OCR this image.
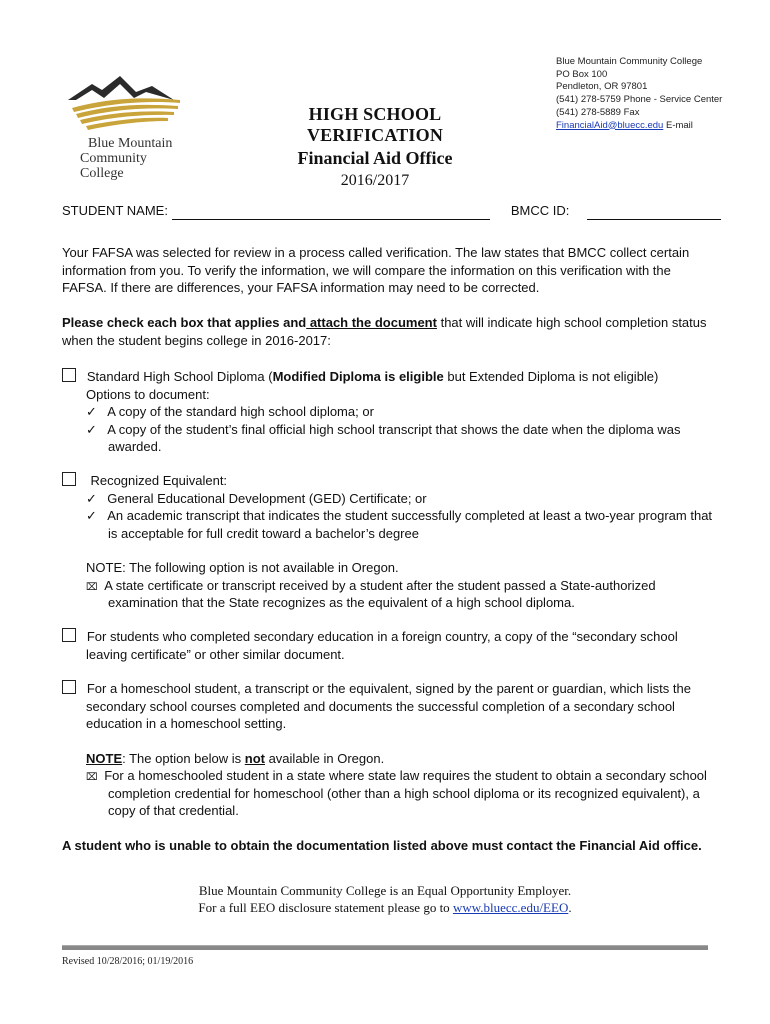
Blue Mountain
Community College
Blue Mountain Community College
PO Box 100
Pendleton, OR 97801
(541) 278-5759 Phone - Service Center
(541) 278-5889 Fax
FinancialAid@bluecc.edu E-mail
HIGH SCHOOL VERIFICATION
Financial Aid Office
2016/2017
STUDENT NAME:	BMCC ID:
Your FAFSA was selected for review in a process called verification. The law states that BMCC collect certain
information from you. To verify the information, we will compare the information on this verification with the
FAFSA. If there are differences, your FAFSA information may need to be corrected.
Please check each box that applies and attach the document that will indicate high school completion status
when the student begins college in 2016-2017:
Standard High School Diploma (Modified Diploma is eligible but Extended Diploma is not eligible)
Options to document:
✓ A copy of the standard high school diploma; or
✓ A copy of the student’s final official high school transcript that shows the date when the diploma was
awarded.
Recognized Equivalent:
✓ General Educational Development (GED) Certificate; or
✓ An academic transcript that indicates the student successfully completed at least a two-year program that
is acceptable for full credit toward a bachelor’s degree
NOTE: The following option is not available in Oregon.
⌧ A state certificate or transcript received by a student after the student passed a State-authorized
examination that the State recognizes as the equivalent of a high school diploma.
For students who completed secondary education in a foreign country, a copy of the “secondary school
leaving certificate” or other similar document.
For a homeschool student, a transcript or the equivalent, signed by the parent or guardian, which lists the
secondary school courses completed and documents the successful completion of a secondary school
education in a homeschool setting.
NOTE: The option below is not available in Oregon.
⌧ For a homeschooled student in a state where state law requires the student to obtain a secondary school
completion credential for homeschool (other than a high school diploma or its recognized equivalent), a
copy of that credential.
A student who is unable to obtain the documentation listed above must contact the Financial Aid office.
Blue Mountain Community College is an Equal Opportunity Employer.
For a full EEO disclosure statement please go to www.bluecc.edu/EEO.
Revised 10/28/2016; 01/19/2016
